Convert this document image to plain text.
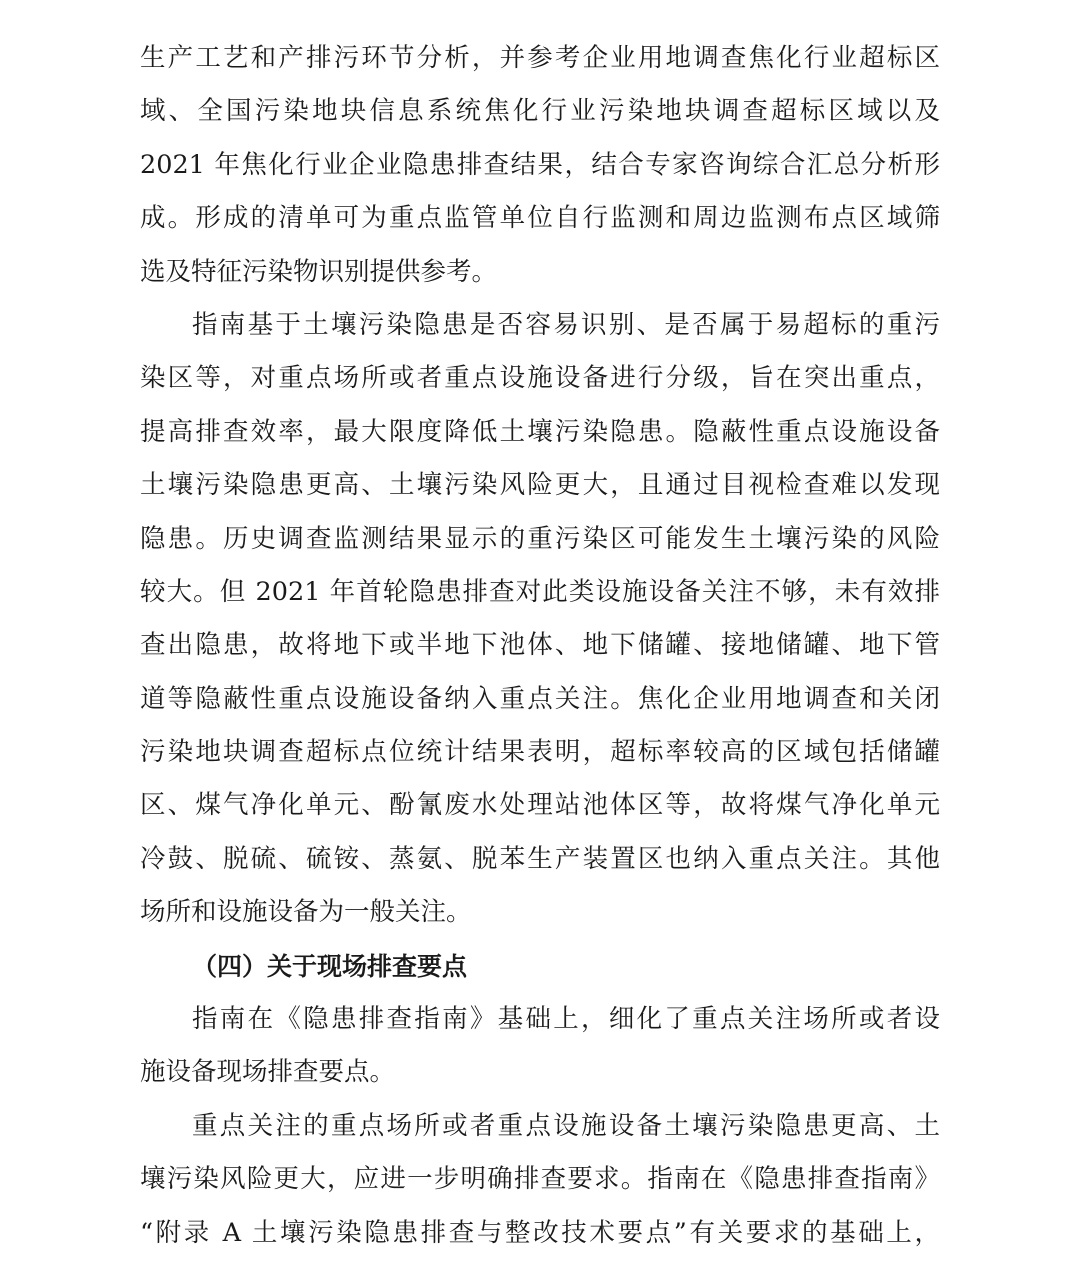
生产工艺和产排污环节分析，并参考企业用地调查焦化行业超标区
域、全国污染地块信息系统焦化行业污染地块调查超标区域以及
2021 年焦化行业企业隐患排查结果，结合专家咨询综合汇总分析形
成。形成的清单可为重点监管单位自行监测和周边监测布点区域筛
选及特征污染物识别提供参考。
指南基于土壤污染隐患是否容易识别、是否属于易超标的重污
染区等，对重点场所或者重点设施设备进行分级，旨在突出重点，
提高排查效率，最大限度降低土壤污染隐患。隐蔽性重点设施设备
土壤污染隐患更高、土壤污染风险更大，且通过目视检查难以发现
隐患。历史调查监测结果显示的重污染区可能发生土壤污染的风险
较大。但 2021 年首轮隐患排查对此类设施设备关注不够，未有效排
查出隐患，故将地下或半地下池体、地下储罐、接地储罐、地下管
道等隐蔽性重点设施设备纳入重点关注。焦化企业用地调查和关闭
污染地块调查超标点位统计结果表明，超标率较高的区域包括储罐
区、煤气净化单元、酚氰废水处理站池体区等，故将煤气净化单元
冷鼓、脱硫、硫铵、蒸氨、脱苯生产装置区也纳入重点关注。其他
场所和设施设备为一般关注。
（四）关于现场排查要点
指南在《隐患排查指南》基础上，细化了重点关注场所或者设
施设备现场排查要点。
重点关注的重点场所或者重点设施设备土壤污染隐患更高、土
壤污染风险更大，应进一步明确排查要求。指南在《隐患排查指南》
“附录 A 土壤污染隐患排查与整改技术要点”有关要求的基础上，
